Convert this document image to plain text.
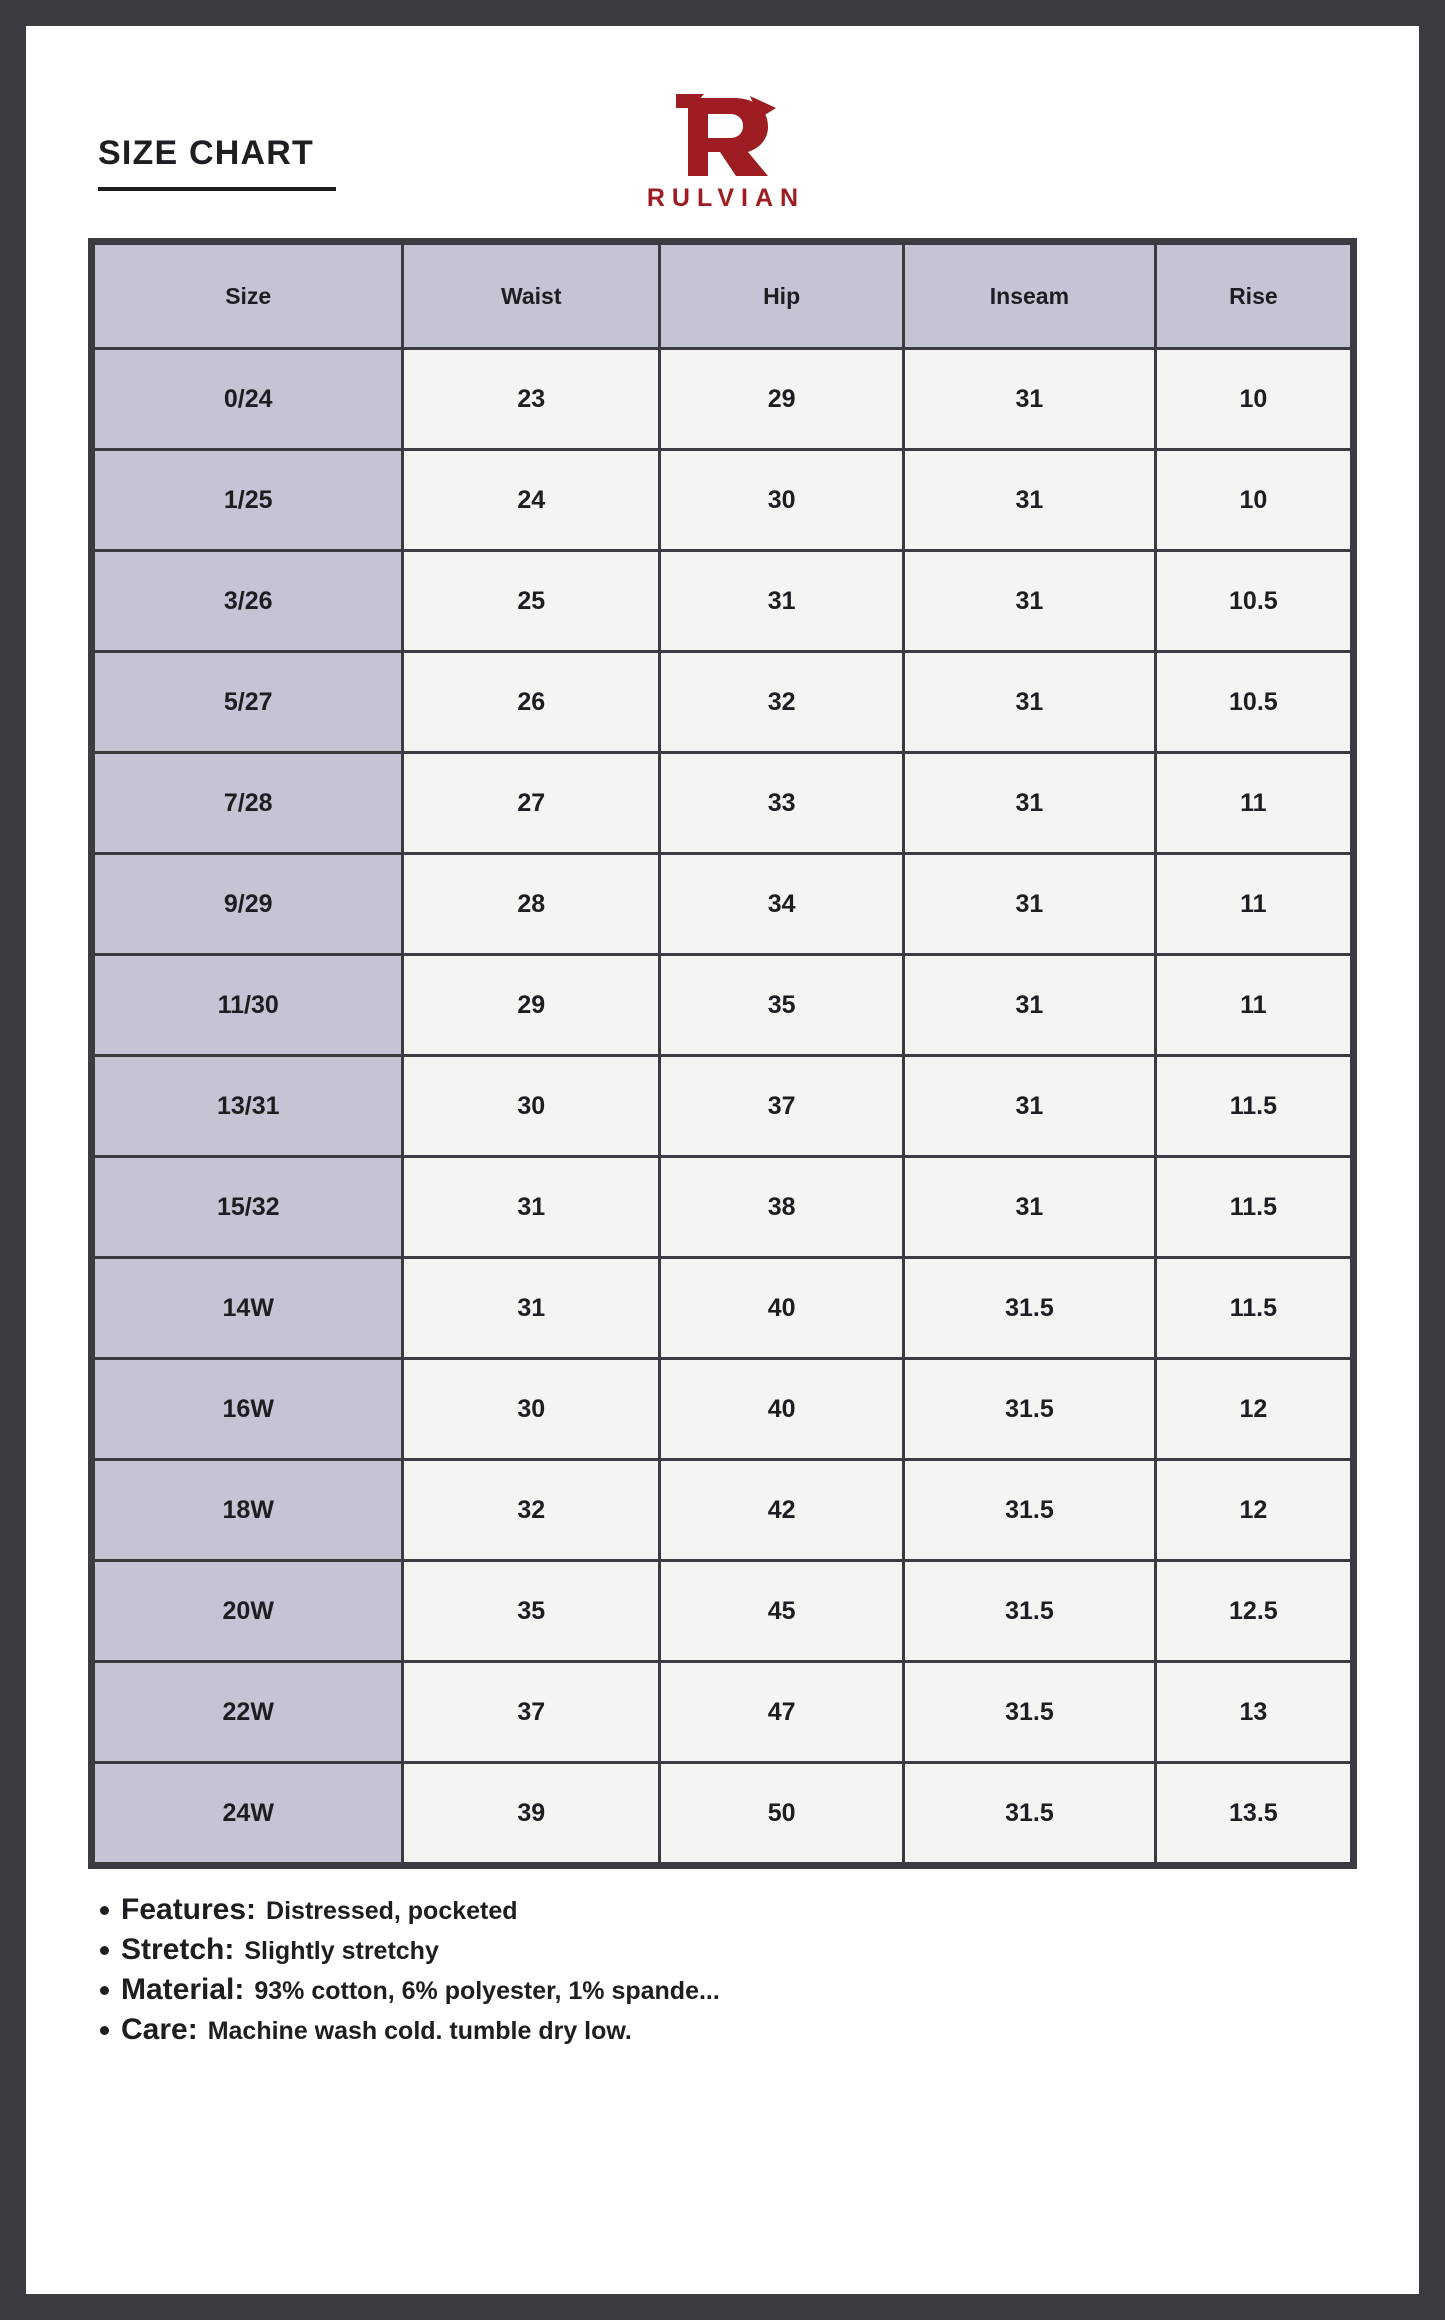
SIZE CHART
RULVIAN
Size	Waist	Hip	Inseam	Rise
0/24	23	29	31	10
1/25	24	30	31	10
3/26	25	31	31	10.5
5/27	26	32	31	10.5
7/28	27	33	31	11
9/29	28	34	31	11
11/30	29	35	31	11
13/31	30	37	31	11.5
15/32	31	38	31	11.5
14W	31	40	31.5	11.5
16W	30	40	31.5	12
18W	32	42	31.5	12
20W	35	45	31.5	12.5
22W	37	47	31.5	13
24W	39	50	31.5	13.5
Features: Distressed, pocketed
Stretch: Slightly stretchy
Material: 93% cotton, 6% polyester, 1% spande...
Care: Machine wash cold. tumble dry low.
